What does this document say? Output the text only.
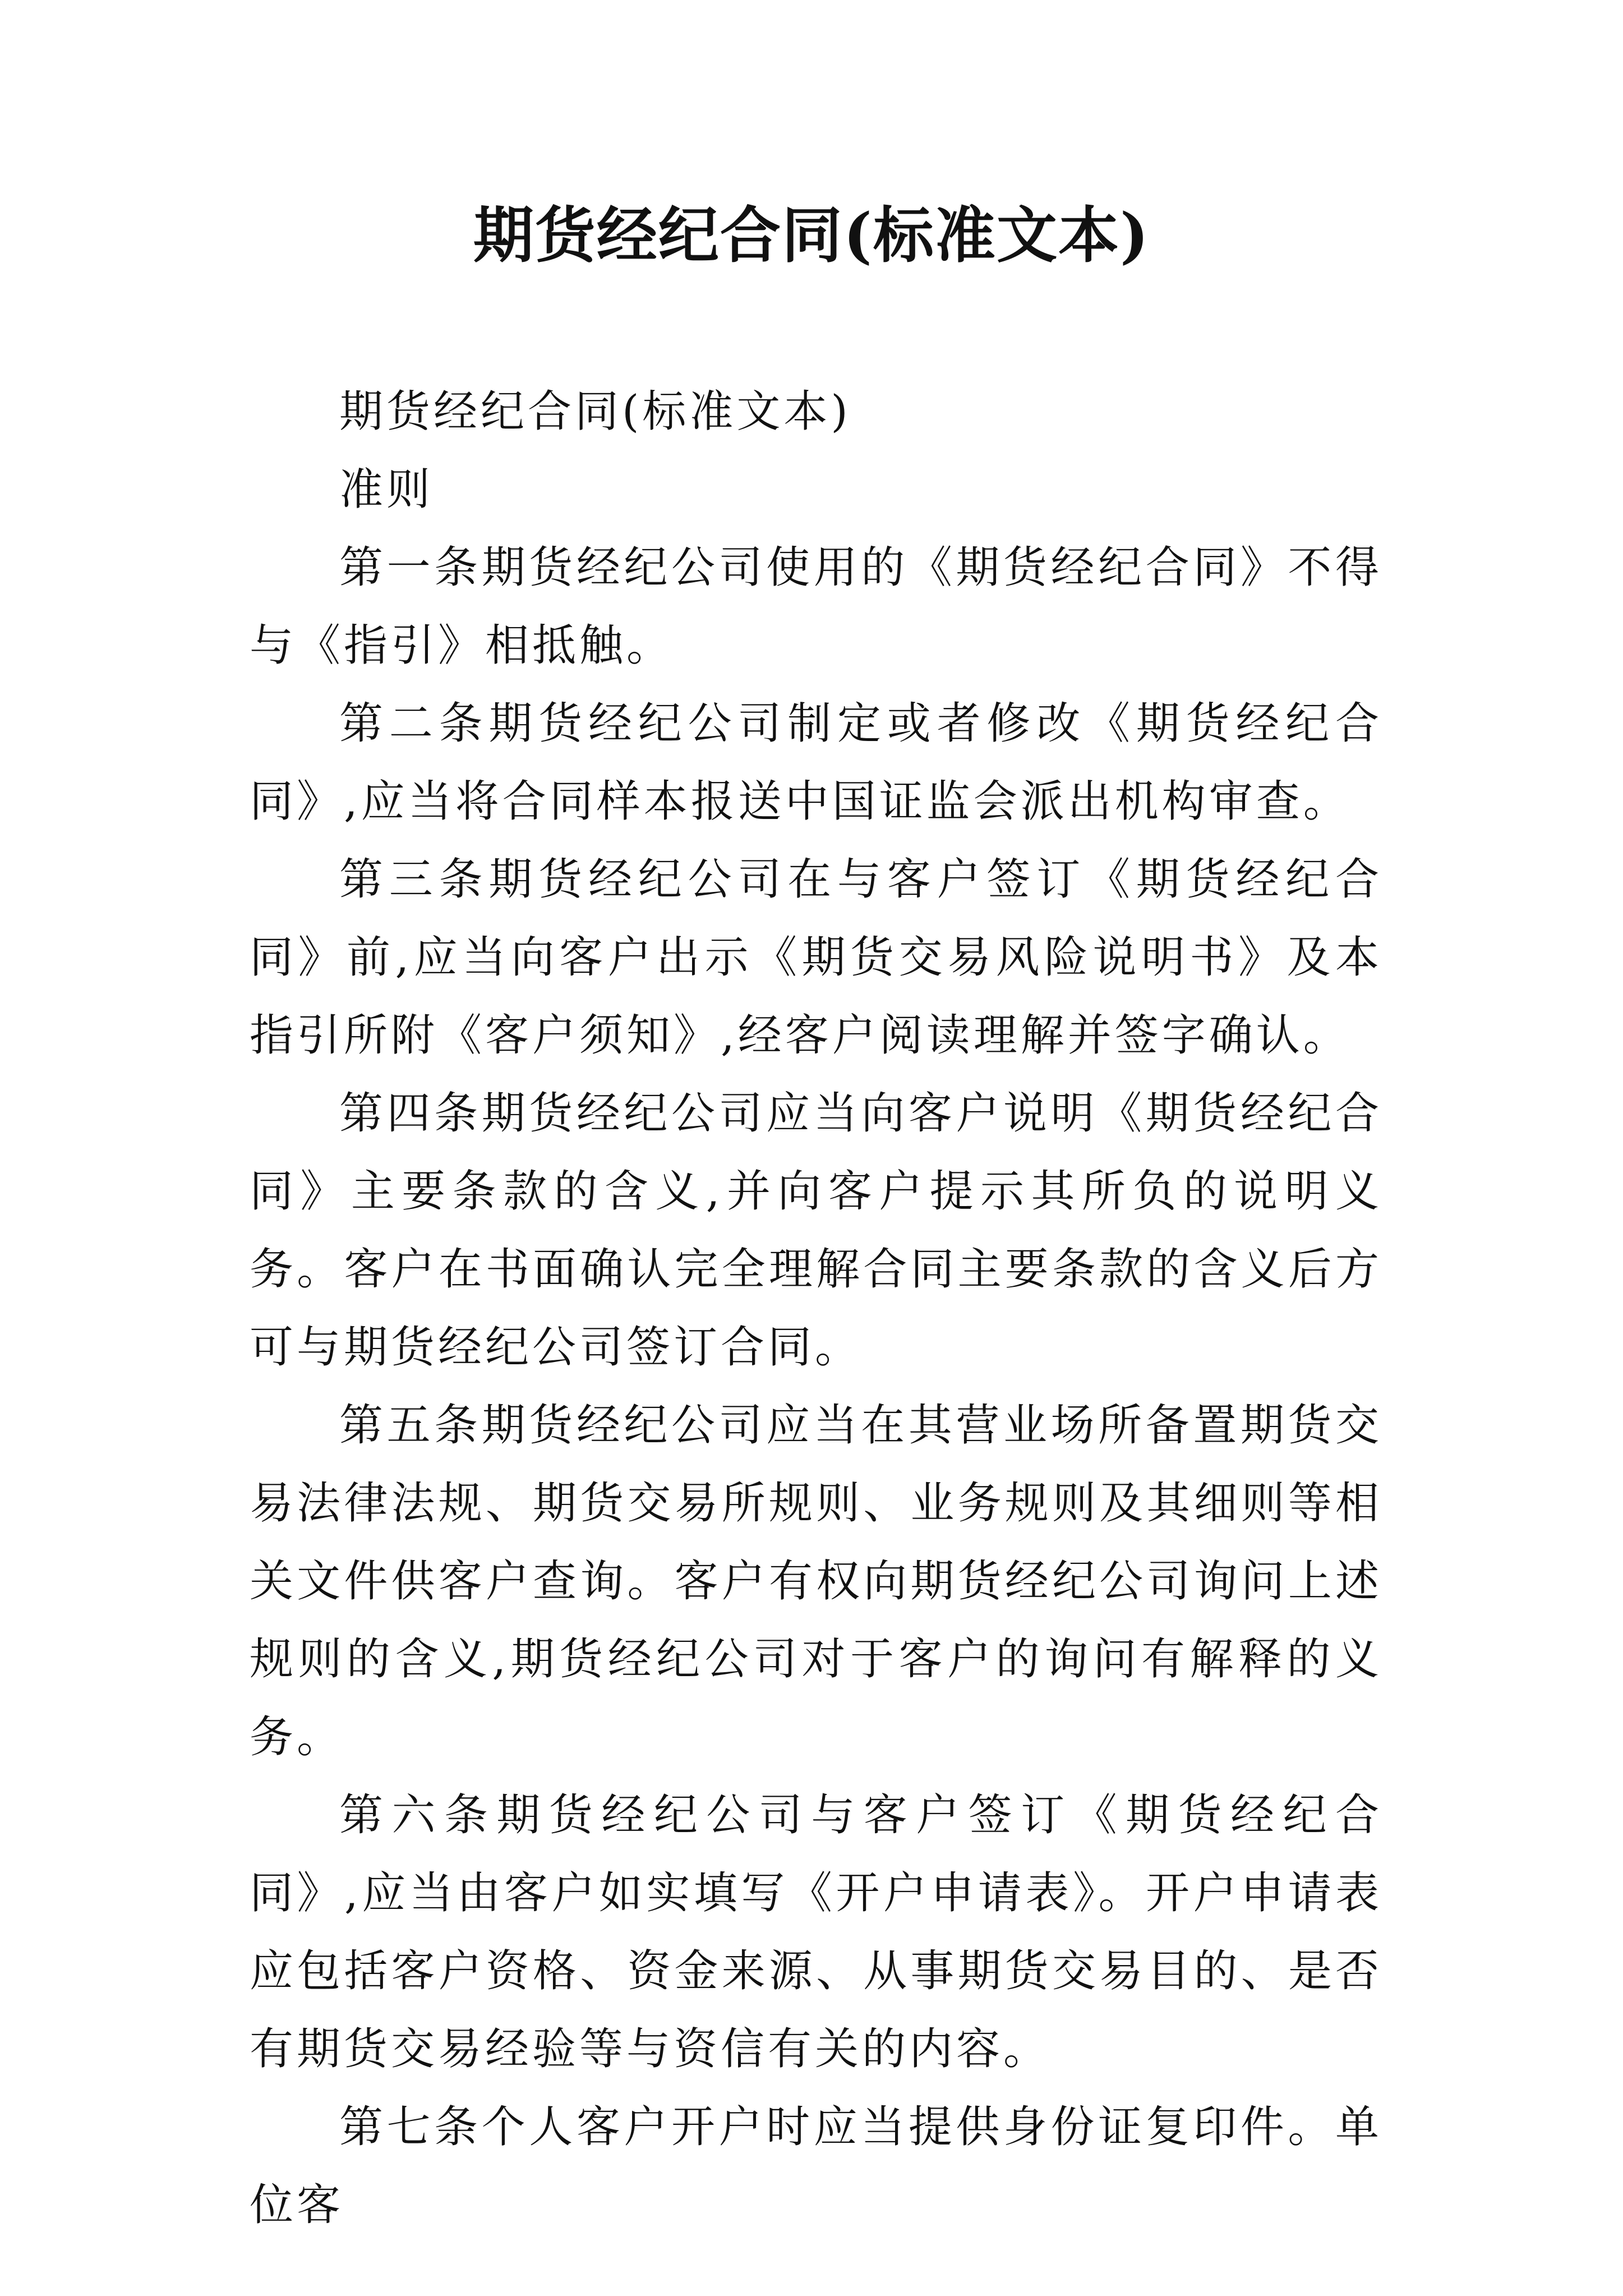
期货经纪合同(标准文本)

期货经纪合同(标准文本)

准则

第一条期货经纪公司使用的《期货经纪合同》不得与《指引》相抵触。

第二条期货经纪公司制定或者修改《期货经纪合同》,应当将合同样本报送中国证监会派出机构审查。

第三条期货经纪公司在与客户签订《期货经纪合同》前,应当向客户出示《期货交易风险说明书》及本指引所附《客户须知》,经客户阅读理解并签字确认。

第四条期货经纪公司应当向客户说明《期货经纪合同》主要条款的含义,并向客户提示其所负的说明义务。客户在书面确认完全理解合同主要条款的含义后方可与期货经纪公司签订合同。

第五条期货经纪公司应当在其营业场所备置期货交易法律法规、期货交易所规则、业务规则及其细则等相关文件供客户查询。客户有权向期货经纪公司询问上述规则的含义,期货经纪公司对于客户的询问有解释的义务。

第六条期货经纪公司与客户签订《期货经纪合同》,应当由客户如实填写《开户申请表》。开户申请表应包括客户资格、资金来源、从事期货交易目的、是否有期货交易经验等与资信有关的内容。

第七条个人客户开户时应当提供身份证复印件。单位客
